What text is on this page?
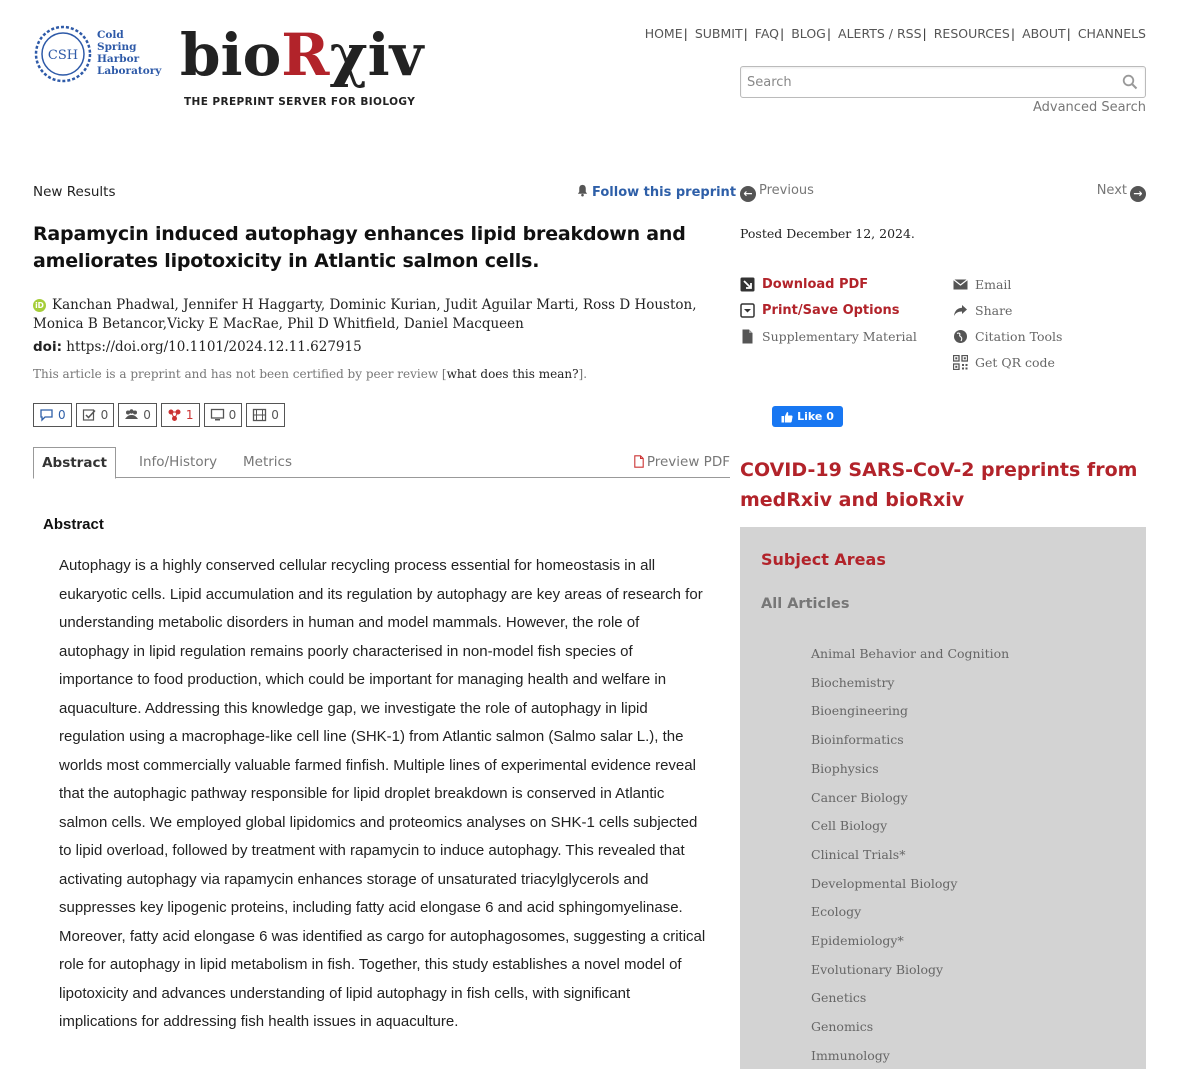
CSH
Cold
Spring
Harbor
Laboratory bioRχiv
THE PREPRINT SERVER FOR BIOLOGY
HOME| SUBMIT| FAQ| BLOG| ALERTS / RSS| RESOURCES| ABOUT| CHANNELS
Search
Advanced Search
New Results	Follow this preprint
Rapamycin induced autophagy enhances lipid breakdown and ameliorates lipotoxicity in Atlantic salmon cells.
iD Kanchan Phadwal, Jennifer H Haggarty, Dominic Kurian, Judit Aguilar Marti, Ross D Houston, Monica B Betancor,Vicky E MacRae, Phil D Whitfield, Daniel Macqueen
doi: https://doi.org/10.1101/2024.12.11.627915
This article is a preprint and has not been certified by peer review [what does this mean?].
0	0	0	1	0	0
Abstract	Info/History Metrics	Preview PDF
Abstract

Autophagy is a highly conserved cellular recycling process essential for homeostasis in all eukaryotic cells. Lipid accumulation and its regulation by autophagy are key areas of research for understanding metabolic disorders in human and model mammals. However, the role of autophagy in lipid regulation remains poorly characterised in non-model fish species of importance to food production, which could be important for managing health and welfare in aquaculture. Addressing this knowledge gap, we investigate the role of autophagy in lipid regulation using a macrophage-like cell line (SHK-1) from Atlantic salmon (Salmo salar L.), the worlds most commercially valuable farmed finfish. Multiple lines of experimental evidence reveal that the autophagic pathway responsible for lipid droplet breakdown is conserved in Atlantic salmon cells. We employed global lipidomics and proteomics analyses on SHK-1 cells subjected to lipid overload, followed by treatment with rapamycin to induce autophagy. This revealed that activating autophagy via rapamycin enhances storage of unsaturated triacylglycerols and suppresses key lipogenic proteins, including fatty acid elongase 6 and acid sphingomyelinase. Moreover, fatty acid elongase 6 was identified as cargo for autophagosomes, suggesting a critical role for autophagy in lipid metabolism in fish. Together, this study establishes a novel model of lipotoxicity and advances understanding of lipid autophagy in fish cells, with significant implications for addressing fish health issues in aquaculture.

← Previous	Next →
Posted December 12, 2024.
Download PDF
Print/Save Options
Supplementary Material
Email
Share
Citation Tools
Get QR code
Like 0
COVID-19 SARS-CoV-2 preprints from medRxiv and bioRxiv
Subject Areas
All Articles
Animal Behavior and Cognition
Biochemistry
Bioengineering
Bioinformatics
Biophysics
Cancer Biology
Cell Biology
Clinical Trials*
Developmental Biology
Ecology
Epidemiology*
Evolutionary Biology
Genetics
Genomics
Immunology
